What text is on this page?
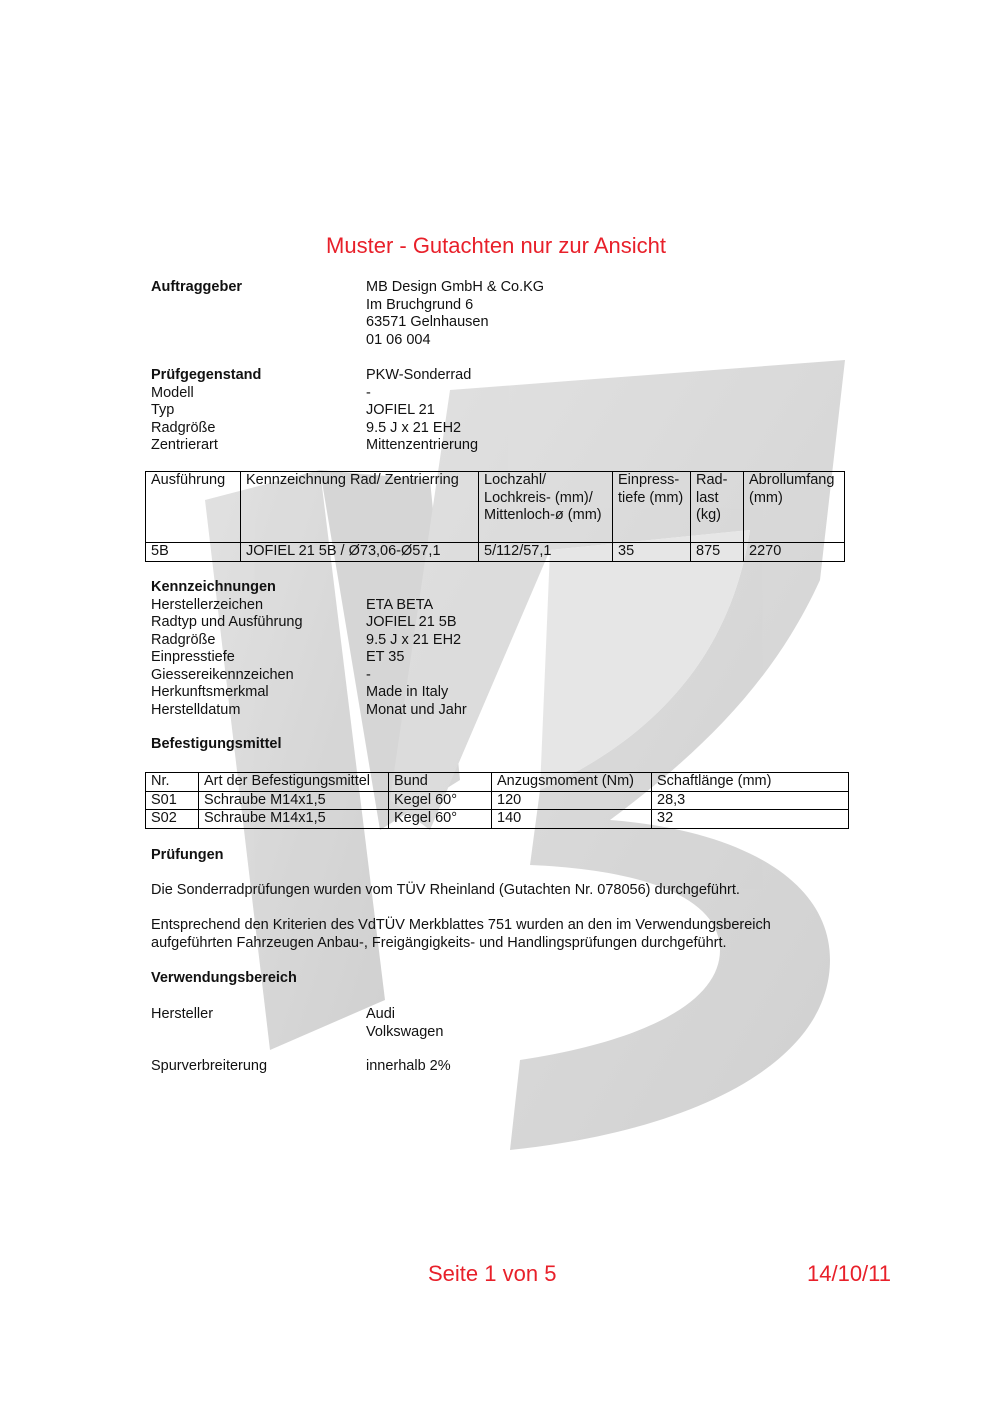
Muster - Gutachten nur zur Ansicht
Auftraggeber	MB Design GmbH & Co.KG
Im Bruchgrund 6
63571 Gelnhausen
01 06 004
Prüfgegenstand	PKW-Sonderrad
Modell	-
Typ	JOFIEL 21
Radgröße	9.5 J x 21 EH2
Zentrierart	Mittenzentrierung
Ausführung	Kennzeichnung Rad/ Zentrierring	Lochzahl/ Lochkreis- (mm)/ Mittenloch-ø (mm)	Einpress-tiefe (mm)	Rad-last (kg)	Abrollumfang (mm)
5B	JOFIEL 21 5B / Ø73,06-Ø57,1	5/112/57,1	35	875	2270
Kennzeichnungen
Herstellerzeichen	ETA BETA
Radtyp und Ausführung	JOFIEL 21 5B
Radgröße	9.5 J x 21 EH2
Einpresstiefe	ET 35
Giessereikennzeichen	-
Herkunftsmerkmal	Made in Italy
Herstelldatum	Monat und Jahr
Befestigungsmittel
Nr.	Art der Befestigungsmittel	Bund	Anzugsmoment (Nm)	Schaftlänge (mm)
S01	Schraube M14x1,5	Kegel 60°	120	28,3
S02	Schraube M14x1,5	Kegel 60°	140	32
Prüfungen
Die Sonderradprüfungen wurden vom TÜV Rheinland (Gutachten Nr. 078056) durchgeführt.
Entsprechend den Kriterien des VdTÜV Merkblattes 751 wurden an den im Verwendungsbereich
aufgeführten Fahrzeugen Anbau-, Freigängigkeits- und Handlingsprüfungen durchgeführt.
Verwendungsbereich
Hersteller	Audi
Volkswagen
Spurverbreiterung	innerhalb 2%
Seite 1 von 5	14/10/11
